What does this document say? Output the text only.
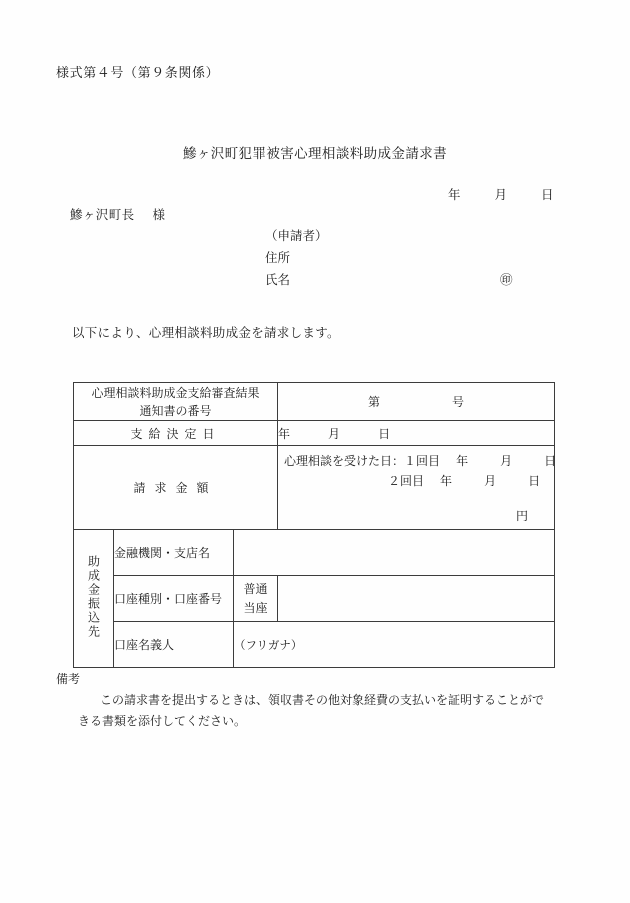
様式第４号（第９条関係）
鰺ヶ沢町犯罪被害心理相談料助成金請求書
年	月	日
鰺ヶ沢町長 様
（申請者）
住所
氏名	㊞
以下により、心理相談料助成金を請求します。
心理相談料助成金支給審査結果
通知書の番号			第 号
支給決定日			年 月 日
請求金額			心理相談を受けた日：１回目 年 月 日
２回目 年 月 日
円

助成金振込先	金融機関・支店名		
	口座種別・口座番号	普通
当座	
	口座名義人	（フリガナ）	
備考
この請求書を提出するときは、領収書その他対象経費の支払いを証明することができる書類を添付してください。
